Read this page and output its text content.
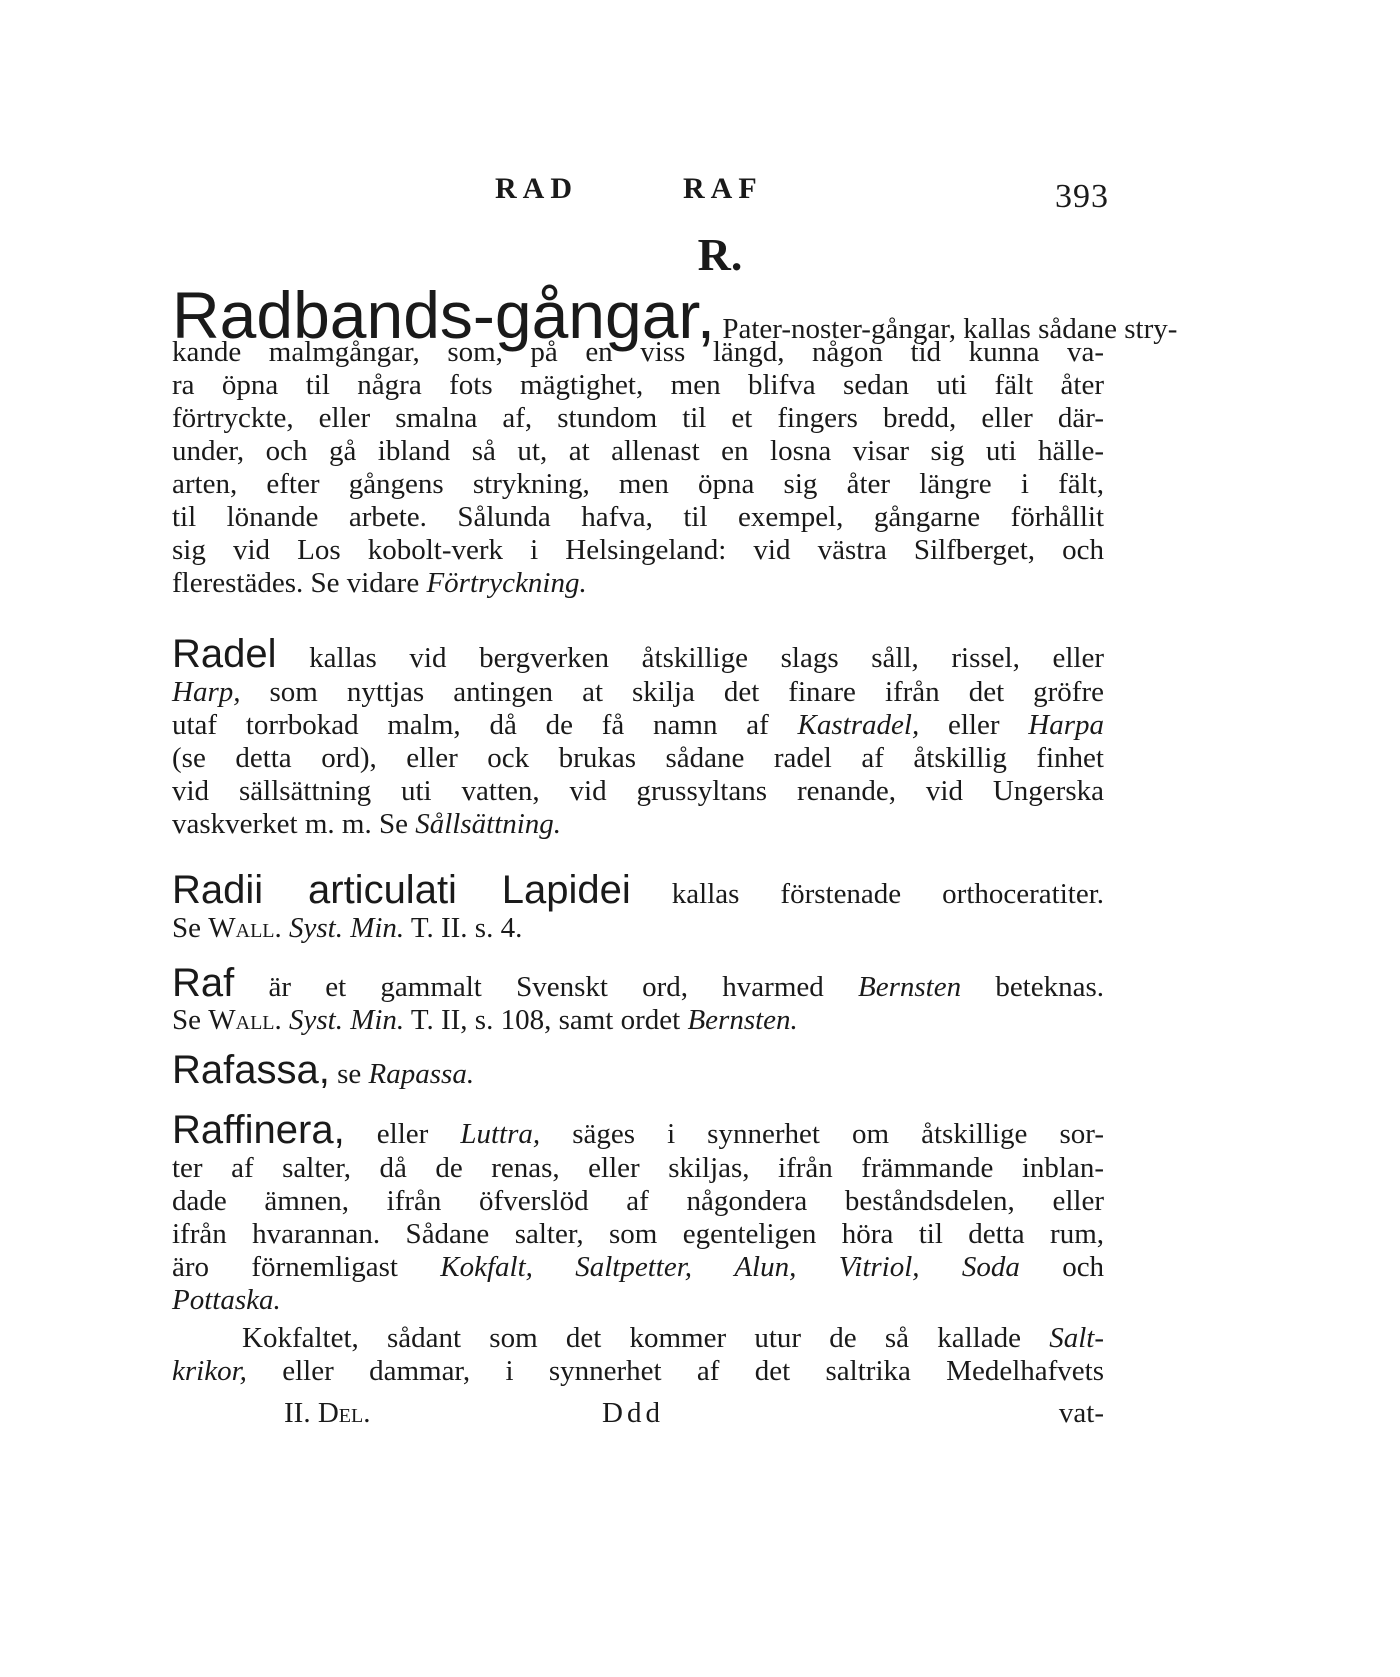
RAD	RAF	393
R.
Radbands-gångar, Pater-noster-gångar, kallas sådane stry-
kande malmgångar, som, på en viss längd, någon tid kunna va-
ra öpna til några fots mägtighet, men blifva sedan uti fält åter
förtryckte, eller smalna af, stundom til et fingers bredd, eller där-
under, och gå ibland så ut, at allenast en losna visar sig uti hälle-
arten, efter gångens strykning, men öpna sig åter längre i fält,
til lönande arbete. Sålunda hafva, til exempel, gångarne förhållit
sig vid Los kobolt-verk i Helsingeland: vid västra Silfberget, och
flerestädes. Se vidare Förtryckning.
Radel kallas vid bergverken åtskillige slags såll, rissel, eller
Harp, som nyttjas antingen at skilja det finare ifrån det gröfre
utaf torrbokad malm, då de få namn af Kastradel, eller Harpa
(se detta ord), eller ock brukas sådane radel af åtskillig finhet
vid sällsättning uti vatten, vid grussyltans renande, vid Ungerska
vaskverket m. m. Se Sållsättning.
Radii articulati Lapidei kallas förstenade orthoceratiter.
Se Wall. Syst. Min. T. II. s. 4.
Raf är et gammalt Svenskt ord, hvarmed Bernsten beteknas.
Se Wall. Syst. Min. T. II, s. 108, samt ordet Bernsten.
Rafassa, se Rapassa.
Raffinera, eller Luttra, säges i synnerhet om åtskillige sor-
ter af salter, då de renas, eller skiljas, ifrån främmande inblan-
dade ämnen, ifrån öfverslöd af någondera beståndsdelen, eller
ifrån hvarannan. Sådane salter, som egenteligen höra til detta rum,
äro förnemligast Kokfalt, Saltpetter, Alun, Vitriol, Soda och
Pottaska.
Kokfaltet, sådant som det kommer utur de så kallade Salt-
krikor, eller dammar, i synnerhet af det saltrika Medelhafvets
II. Del.	Ddd	vat-
